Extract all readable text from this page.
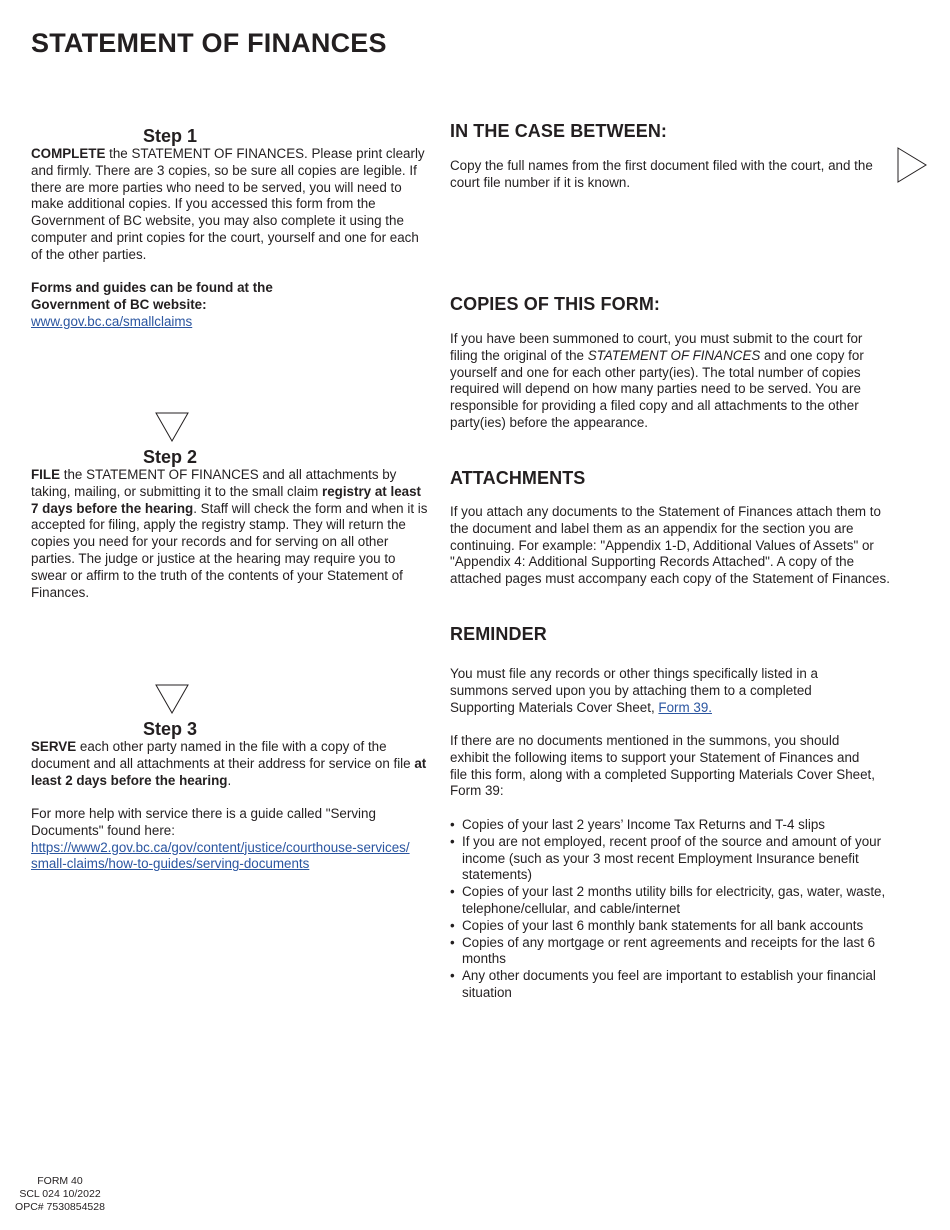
STATEMENT OF FINANCES
Step 1

COMPLETE the STATEMENT OF FINANCES. Please print clearly and firmly. There are 3 copies, so be sure all copies are legible. If there are more parties who need to be served, you will need to make additional copies. If you accessed this form from the Government of BC website, you may also complete it using the computer and print copies for the court, yourself and one for each of the other parties.

Forms and guides can be found at the Government of BC website:
www.gov.bc.ca/smallclaims

Step 2

FILE the STATEMENT OF FINANCES and all attachments by taking, mailing, or submitting it to the small claim registry at least 7 days before the hearing. Staff will check the form and when it is accepted for filing, apply the registry stamp. They will return the copies you need for your records and for serving on all other parties. The judge or justice at the hearing may require you to swear or affirm to the truth of the contents of your Statement of Finances.

Step 3

SERVE each other party named in the file with a copy of the document and all attachments at their address for service on file at least 2 days before the hearing.

For more help with service there is a guide called "Serving Documents" found here:
https://www2.gov.bc.ca/gov/content/justice/courthouse-services/
small-claims/how-to-guides/serving-documents

IN THE CASE BETWEEN:

Copy the full names from the first document filed with the court, and the court file number if it is known.

COPIES OF THIS FORM:

If you have been summoned to court, you must submit to the court for filing the original of the STATEMENT OF FINANCES and one copy for yourself and one for each other party(ies). The total number of copies required will depend on how many parties need to be served. You are responsible for providing a filed copy and all attachments to the other party(ies) before the appearance.

ATTACHMENTS

If you attach any documents to the Statement of Finances attach them to the document and label them as an appendix for the section you are continuing. For example: "Appendix 1-D, Additional Values of Assets" or "Appendix 4: Additional Supporting Records Attached". A copy of the attached pages must accompany each copy of the Statement of Finances.

REMINDER

You must file any records or other things specifically listed in a summons served upon you by attaching them to a completed Supporting Materials Cover Sheet, Form 39.

If there are no documents mentioned in the summons, you should exhibit the following items to support your Statement of Finances and file this form, along with a completed Supporting Materials Cover Sheet, Form 39:

• Copies of your last 2 years’ Income Tax Returns and T-4 slips
• If you are not employed, recent proof of the source and amount of your income (such as your 3 most recent Employment Insurance benefit statements)
• Copies of your last 2 months utility bills for electricity, gas, water, waste, telephone/cellular, and cable/internet
• Copies of your last 6 monthly bank statements for all bank accounts
• Copies of any mortgage or rent agreements and receipts for the last 6 months
• Any other documents you feel are important to establish your financial situation
FORM 40
SCL 024 10/2022
OPC# 7530854528
